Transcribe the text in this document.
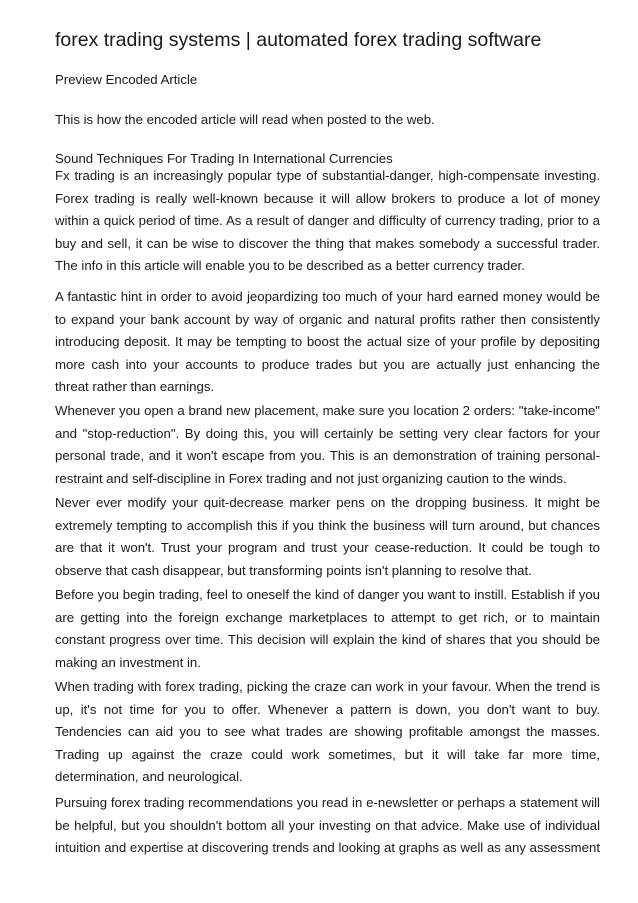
forex trading systems | automated forex trading software

Preview Encoded Article

This is how the encoded article will read when posted to the web.

Sound Techniques For Trading In International Currencies

Fx trading is an increasingly popular type of substantial-danger, high-compensate investing.
Forex trading is really well-known because it will allow brokers to produce a lot of money
within a quick period of time. As a result of danger and difficulty of currency trading, prior to a
buy and sell, it can be wise to discover the thing that makes somebody a successful trader.
The info in this article will enable you to be described as a better currency trader.
A fantastic hint in order to avoid jeopardizing too much of your hard earned money would be
to expand your bank account by way of organic and natural profits rather then consistently
introducing deposit. It may be tempting to boost the actual size of your profile by depositing
more cash into your accounts to produce trades but you are actually just enhancing the
threat rather than earnings.
Whenever you open a brand new placement, make sure you location 2 orders: "take-income"
and "stop-reduction". By doing this, you will certainly be setting very clear factors for your
personal trade, and it won't escape from you. This is an demonstration of training personal-
restraint and self-discipline in Forex trading and not just organizing caution to the winds.
Never ever modify your quit-decrease marker pens on the dropping business. It might be
extremely tempting to accomplish this if you think the business will turn around, but chances
are that it won't. Trust your program and trust your cease-reduction. It could be tough to
observe that cash disappear, but transforming points isn't planning to resolve that.
Before you begin trading, feel to oneself the kind of danger you want to instill. Establish if you
are getting into the foreign exchange marketplaces to attempt to get rich, or to maintain
constant progress over time. This decision will explain the kind of shares that you should be
making an investment in.
When trading with forex trading, picking the craze can work in your favour. When the trend is
up, it's not time for you to offer. Whenever a pattern is down, you don't want to buy.
Tendencies can aid you to see what trades are showing profitable amongst the masses.
Trading up against the craze could work sometimes, but it will take far more time,
determination, and neurological.
Pursuing forex trading recommendations you read in e-newsletter or perhaps a statement will
be helpful, but you shouldn't bottom all your investing on that advice. Make use of individual
intuition and expertise at discovering trends and looking at graphs as well as any assessment
